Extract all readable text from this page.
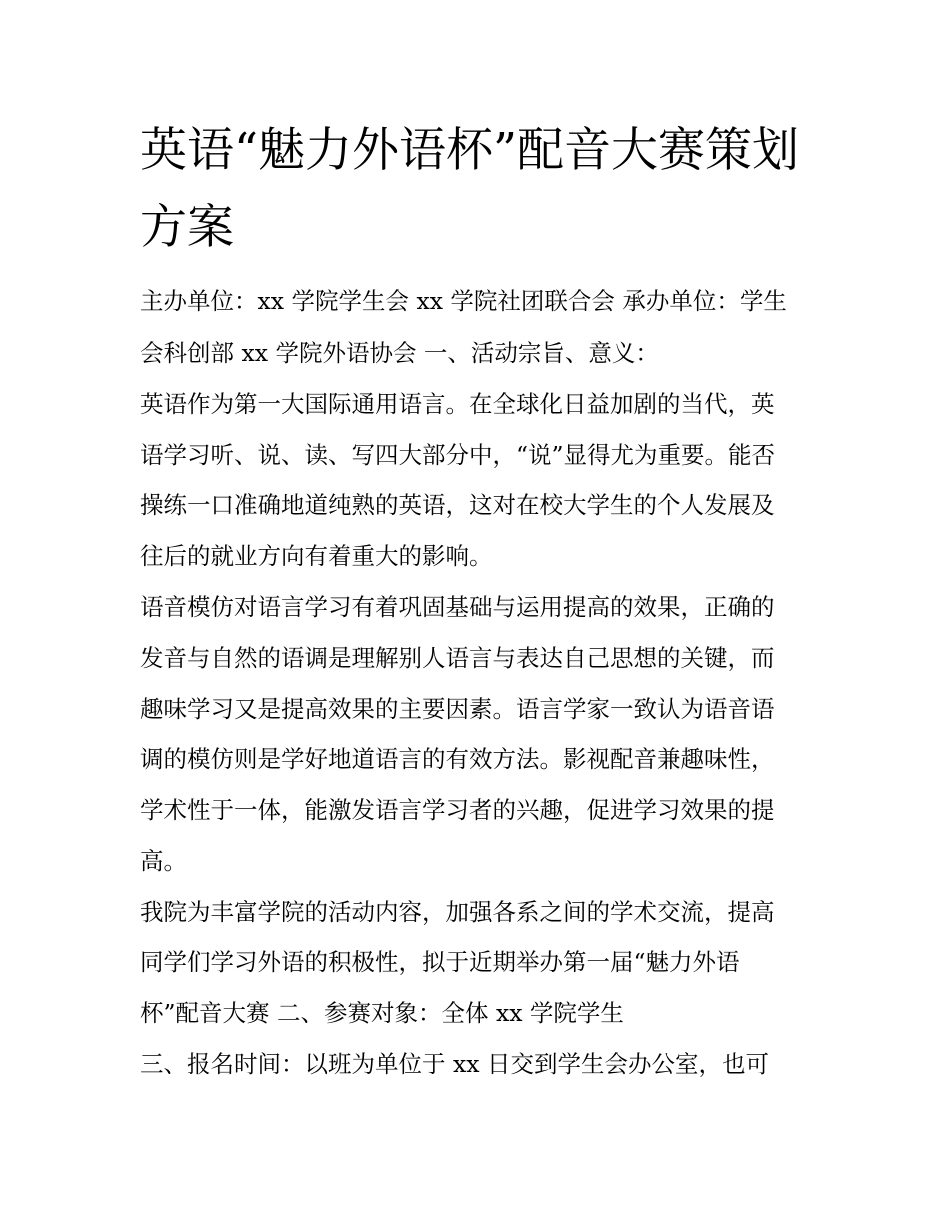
英语“魅力外语杯”配音大赛策划方案

主办单位：xx 学院学生会 xx 学院社团联合会 承办单位：学生

会科创部 xx 学院外语协会 一、活动宗旨、意义：

英语作为第一大国际通用语言。在全球化日益加剧的当代，英

语学习听、说、读、写四大部分中，“说”显得尤为重要。能否

操练一口准确地道纯熟的英语，这对在校大学生的个人发展及

往后的就业方向有着重大的影响。

语音模仿对语言学习有着巩固基础与运用提高的效果，正确的

发音与自然的语调是理解别人语言与表达自己思想的关键，而

趣味学习又是提高效果的主要因素。语言学家一致认为语音语

调的模仿则是学好地道语言的有效方法。影视配音兼趣味性，

学术性于一体，能激发语言学习者的兴趣，促进学习效果的提

高。

我院为丰富学院的活动内容，加强各系之间的学术交流，提高

同学们学习外语的积极性，拟于近期举办第一届“魅力外语

杯”配音大赛 二、参赛对象：全体 xx 学院学生

三、报名时间：以班为单位于 xx 日交到学生会办公室，也可
